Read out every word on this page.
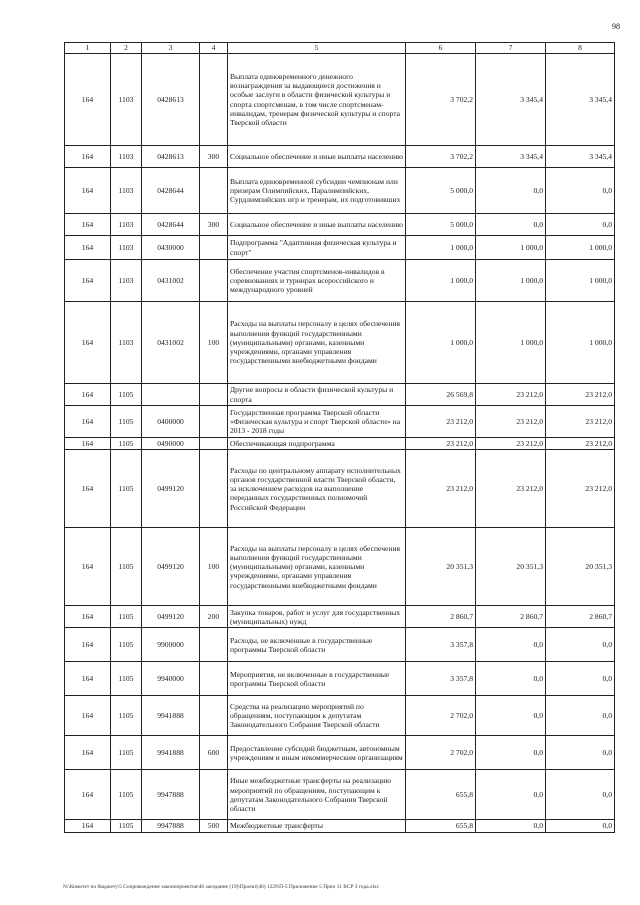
98
1	2	3	4	5	6	7	8
164	1103	0428613		Выплата единовременного денежного вознаграждения за выдающиеся достижения и особые заслуги в области физической культуры и спорта спортсменам, в том числе спортсменам-инвалидам, тренерам физической культуры и спорта Тверской области	3 702,2	3 345,4	3 345,4
164	1103	0428613	300	Социальное обеспечение и иные выплаты населению	3 702,2	3 345,4	3 345,4
164	1103	0428644		Выплата единовременной субсидии чемпионам или призерам Олимпийских, Паралимпийских, Сурдлимпийских игр и тренерам, их подготовивших	5 000,0	0,0	0,0
164	1103	0428644	300	Социальное обеспечение и иные выплаты населению	5 000,0	0,0	0,0
164	1103	0430000		Подпрограмма "Адаптивная физическая культура и спорт"	1 000,0	1 000,0	1 000,0
164	1103	0431002		Обеспечение участия спортсменов-инвалидов в соревнованиях и турнирах всероссийского и международного уровней	1 000,0	1 000,0	1 000,0
164	1103	0431002	100	Расходы на выплаты персоналу в целях обеспечения выполнения функций государственными (муниципальными) органами, казенными учреждениями, органами управления государственными внебюджетными фондами	1 000,0	1 000,0	1 000,0
164	1105			Другие вопросы в области физической культуры и спорта	26 569,8	23 212,0	23 212,0
164	1105	0400000		Государственная программа Тверской области «Физическая культура и спорт Тверской области» на 2013 - 2018 годы	23 212,0	23 212,0	23 212,0
164	1105	0490000		Обеспечивающая подпрограмма	23 212,0	23 212,0	23 212,0
164	1105	0499120		Расходы по центральному аппарату исполнительных органов государственной власти Тверской области, за исключением расходов на выполнение переданных государственных полномочий Российской Федерации	23 212,0	23 212,0	23 212,0
164	1105	0499120	100	Расходы на выплаты персоналу в целях обеспечения выполнения функций государственными (муниципальными) органами, казенными учреждениями, органами управления государственными внебюджетными фондами	20 351,3	20 351,3	20 351,3
164	1105	0499120	200	Закупка товаров, работ и услуг для государственных (муниципальных) нужд	2 860,7	2 860,7	2 860,7
164	1105	9900000		Расходы, не включенные в государственные программы Тверской области	3 357,8	0,0	0,0
164	1105	9940000		Мероприятия, не включенные в государственные программы Тверской области	3 357,8	0,0	0,0
164	1105	9941888		Средства на реализацию мероприятий по обращениям, поступающим к депутатам Законодательного Собрания Тверской области	2 702,0	0,0	0,0
164	1105	9941888	600	Предоставление субсидий бюджетным, автономным учреждениям и иным некоммерческим организациям	2 702,0	0,0	0,0
164	1105	9947888		Иные межбюджетные трансферты на реализацию мероприятий по обращениям, поступающим к депутатам Законодательного Собрания Тверской области	655,8	0,0	0,0
164	1105	9947888	500	Межбюджетные трансферты	655,8	0,0	0,0
N:\Комитет по бюджету\5 Сопровождение законопроектов\46 заседание (19)\Проект(46) 1229\П-5 Приложение 5 Прил 11 ВСР 3 года.xlsx
